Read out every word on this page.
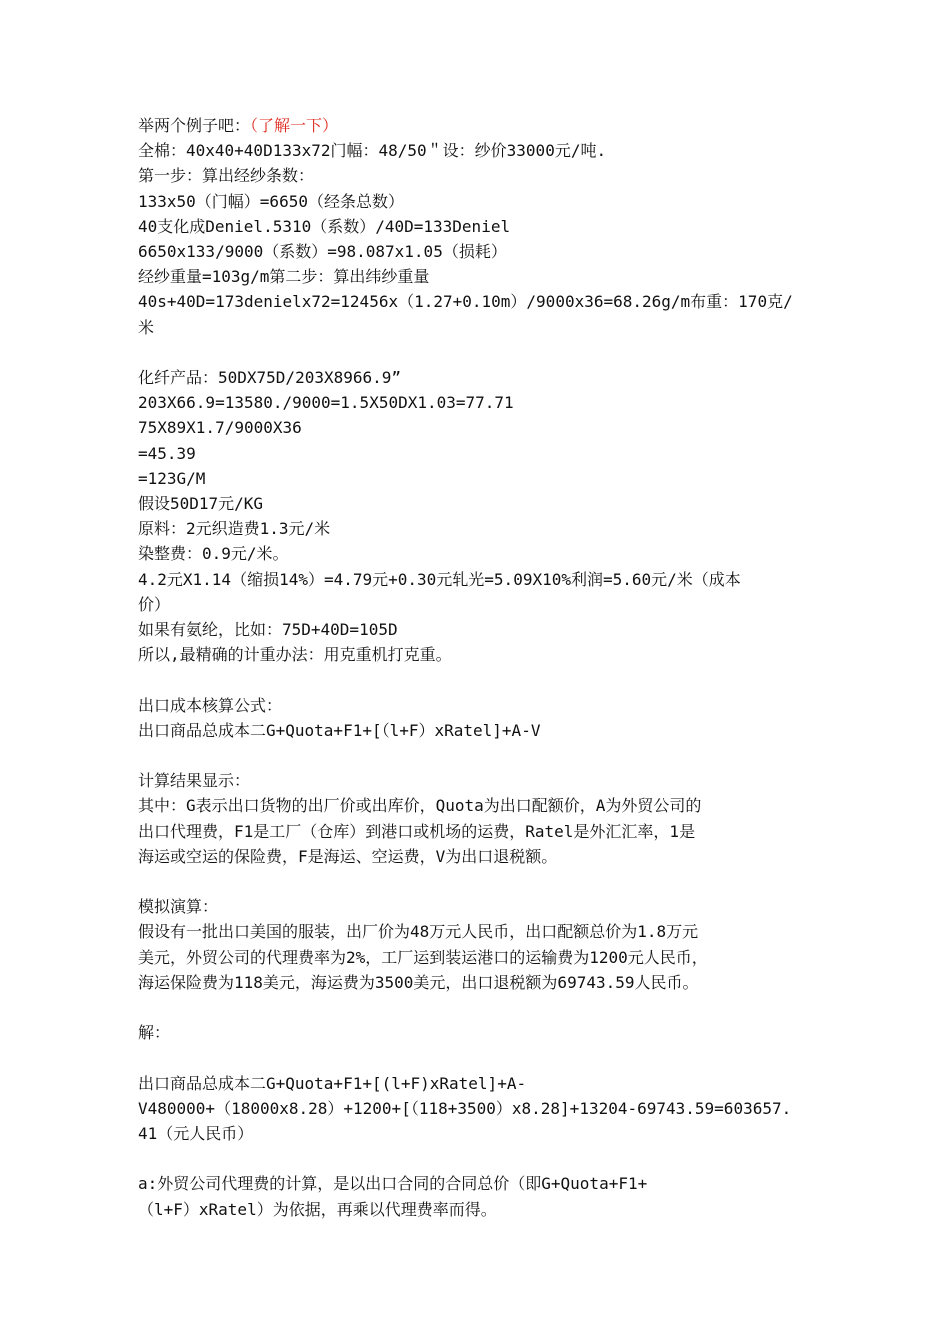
举两个例子吧：（了解一下）
全棉：40x40+40D133x72门幅：48/50＂设：纱价33000元/吨.
第一步：算出经纱条数：
133x50（门幅）=6650（经条总数）
40支化成Deniel.5310（系数）/40D=133Deniel
6650x133/9000（系数）=98.087x1.05（损耗）
经纱重量=103g/m第二步：算出纬纱重量
40s+40D=173denielx72=12456x（1.27+0.10m）/9000x36=68.26g/m布重：170克/
米
化纤产品：50DX75D/203X8966.9”
203X66.9=13580./9000=1.5X50DX1.03=77.71
75X89X1.7/9000X36
=45.39
=123G/M
假设50D17元/KG
原料：2元织造费1.3元/米
染整费：0.9元/米。
4.2元X1.14（缩损14%）=4.79元+0.30元轧光=5.09X10%利润=5.60元/米（成本
价）
如果有氨纶，比如：75D+40D=105D
所以,最精确的计重办法：用克重机打克重。
出口成本核算公式：
出口商品总成本二G+Quota+F1+[（l+F）xRatel]+A-V
计算结果显示：
其中：G表示出口货物的出厂价或出库价，Quota为出口配额价，A为外贸公司的
出口代理费，F1是工厂（仓库）到港口或机场的运费，Ratel是外汇汇率，1是
海运或空运的保险费，F是海运、空运费，V为出口退税额。
模拟演算：
假设有一批出口美国的服装，出厂价为48万元人民币，出口配额总价为1.8万元
美元，外贸公司的代理费率为2%，工厂运到装运港口的运输费为1200元人民币，
海运保险费为118美元，海运费为3500美元，出口退税额为69743.59人民币。
解：
出口商品总成本二G+Quota+F1+[(l+F)xRatel]+A-
V480000+（18000x8.28）+1200+[（118+3500）x8.28]+13204-69743.59=603657.
41（元人民币）
a:外贸公司代理费的计算，是以出口合同的合同总价（即G+Quota+F1+
（l+F）xRatel）为依据，再乘以代理费率而得。
